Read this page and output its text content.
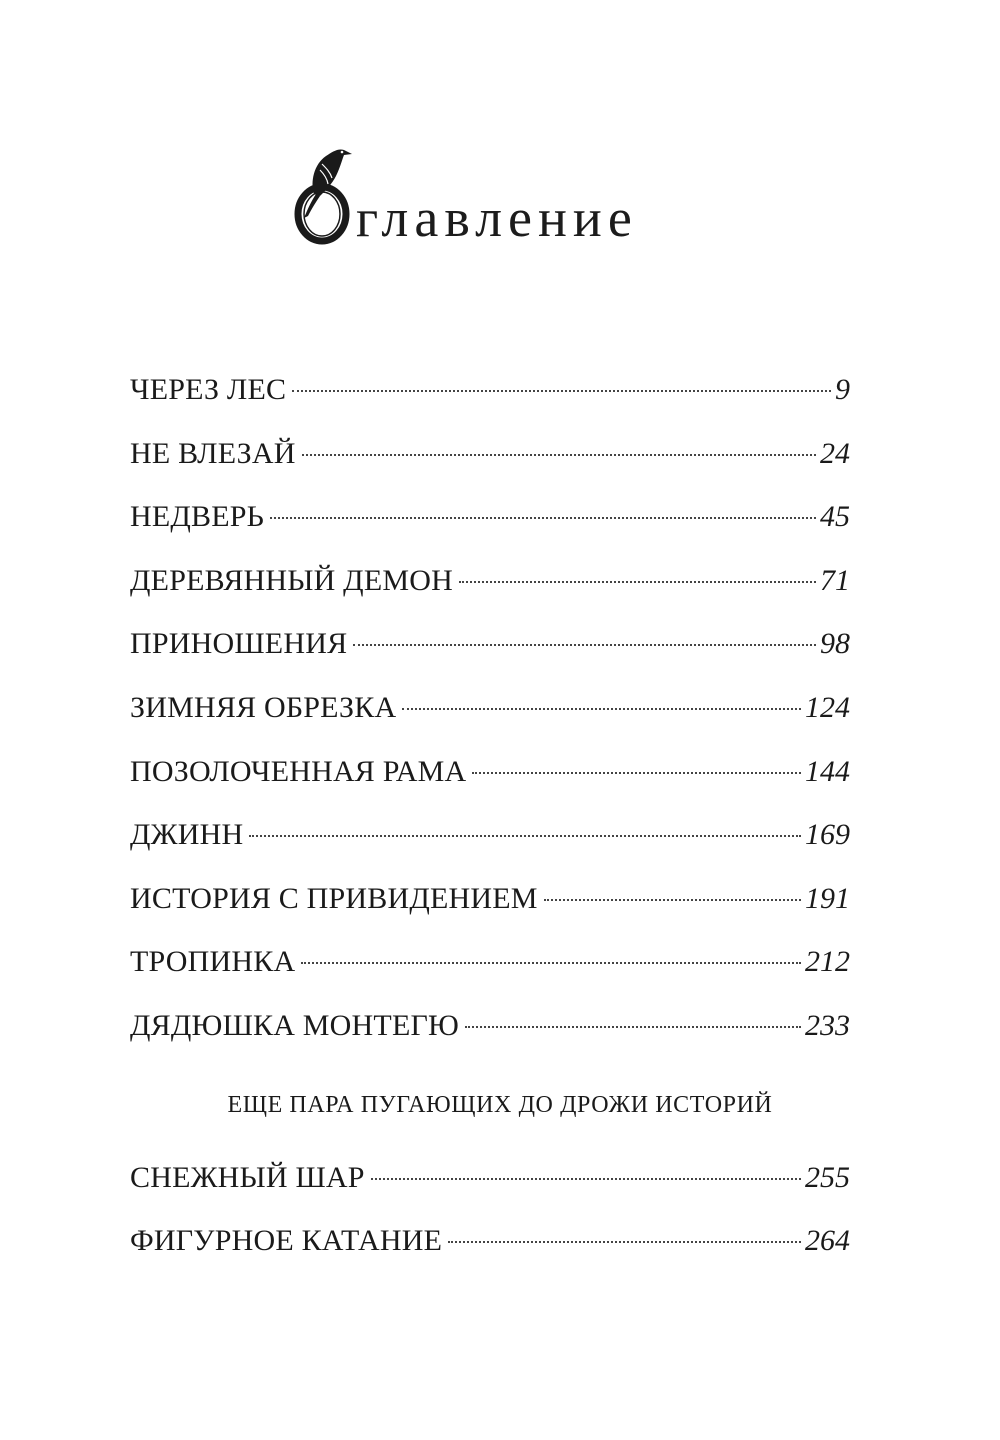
главление
ЧЕРЕЗ ЛЕС	9
НЕ ВЛЕЗАЙ	24
НЕДВЕРЬ	45
ДЕРЕВЯННЫЙ ДЕМОН	71
ПРИНОШЕНИЯ	98
ЗИМНЯЯ ОБРЕЗКА	124
ПОЗОЛОЧЕННАЯ РАМА	144
ДЖИНН	169
ИСТОРИЯ С ПРИВИДЕНИЕМ	191
ТРОПИНКА	212
ДЯДЮШКА МОНТЕГЮ	233
ЕЩЕ ПАРА ПУГАЮЩИХ ДО ДРОЖИ ИСТОРИЙ
СНЕЖНЫЙ ШАР	255
ФИГУРНОЕ КАТАНИЕ	264
